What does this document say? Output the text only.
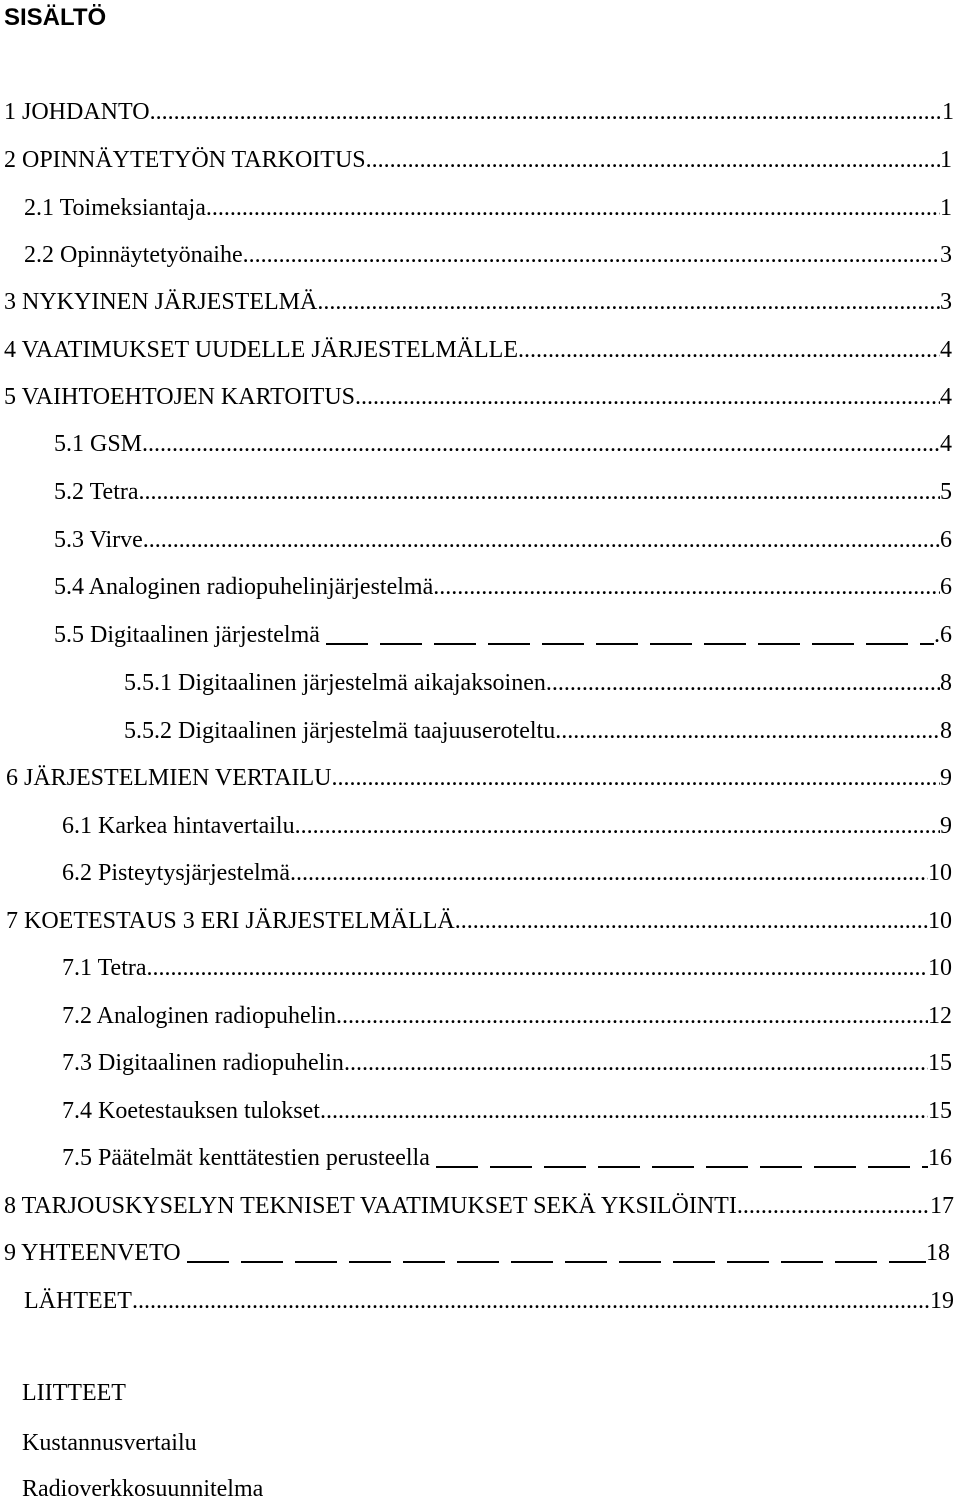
SISÄLTÖ
1 JOHDANTO .....	1
2 OPINNÄYTETYÖN TARKOITUS .....	1
2.1 Toimeksiantaja .....	1
2.2 Opinnäytetyönaihe .....	3
3 NYKYINEN JÄRJESTELMÄ .....	3
4 VAATIMUKSET UUDELLE JÄRJESTELMÄLLE .....	4
5 VAIHTOEHTOJEN KARTOITUS .....	4
5.1 GSM .....	4
5.2 Tetra .....	5
5.3 Virve .....	6
5.4 Analoginen radiopuhelinjärjestelmä .....	6
5.5 Digitaalinen järjestelmä	.6
5.5.1 Digitaalinen järjestelmä aikajaksoinen .....	8
5.5.2 Digitaalinen järjestelmä taajuuseroteltu .....	8
6 JÄRJESTELMIEN VERTAILU .....	9
6.1 Karkea hintavertailu .....	9
6.2 Pisteytysjärjestelmä .....	10
7 KOETESTAUS 3 ERI JÄRJESTELMÄLLÄ .....	10
7.1 Tetra .....	10
7.2 Analoginen radiopuhelin .....	12
7.3 Digitaalinen radiopuhelin .....	15
7.4 Koetestauksen tulokset .....	15
7.5 Päätelmät kenttätestien perusteella	16
8 TARJOUSKYSELYN TEKNISET VAATIMUKSET SEKÄ YKSILÖINTI .....	17
9 YHTEENVETO	18
LÄHTEET .....	19
LIITTEET
Kustannusvertailu
Radioverkkosuunnitelma
